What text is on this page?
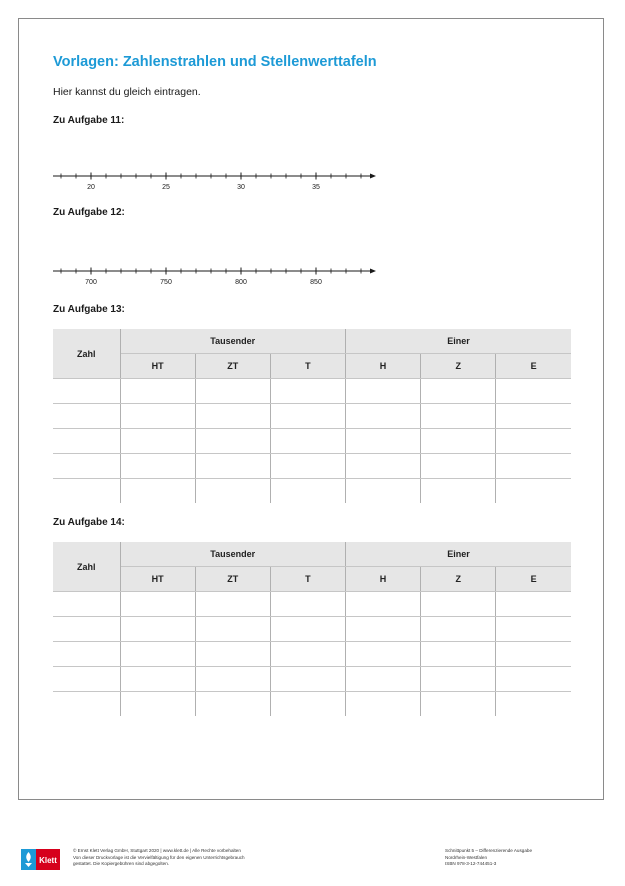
Vorlagen: Zahlenstrahlen und Stellenwerttafeln
Hier kannst du gleich eintragen.
Zu Aufgabe 11:
20	25	30	35
Zu Aufgabe 12:
700	750	800	850
Zu Aufgabe 13:
Zahl	Tausender			Einer		
	HT	ZT	T	H	Z	E

Zu Aufgabe 14:
Zahl	Tausender			Einer		
	HT	ZT	T	H	Z	E

Klett
© Ernst Klett Verlag GmbH, Stuttgart 2020 | www.klett.de | Alle Rechte vorbehalten
Von dieser Druckvorlage ist die Vervielfältigung für den eigenen Unterrichtsgebrauch
gestattet. Die Kopiergebühren sind abgegolten.
Schnittpunkt 5 – Differenzierende Ausgabe
Nordrhein-Westfalen
ISBN 978-3-12-744451-3
